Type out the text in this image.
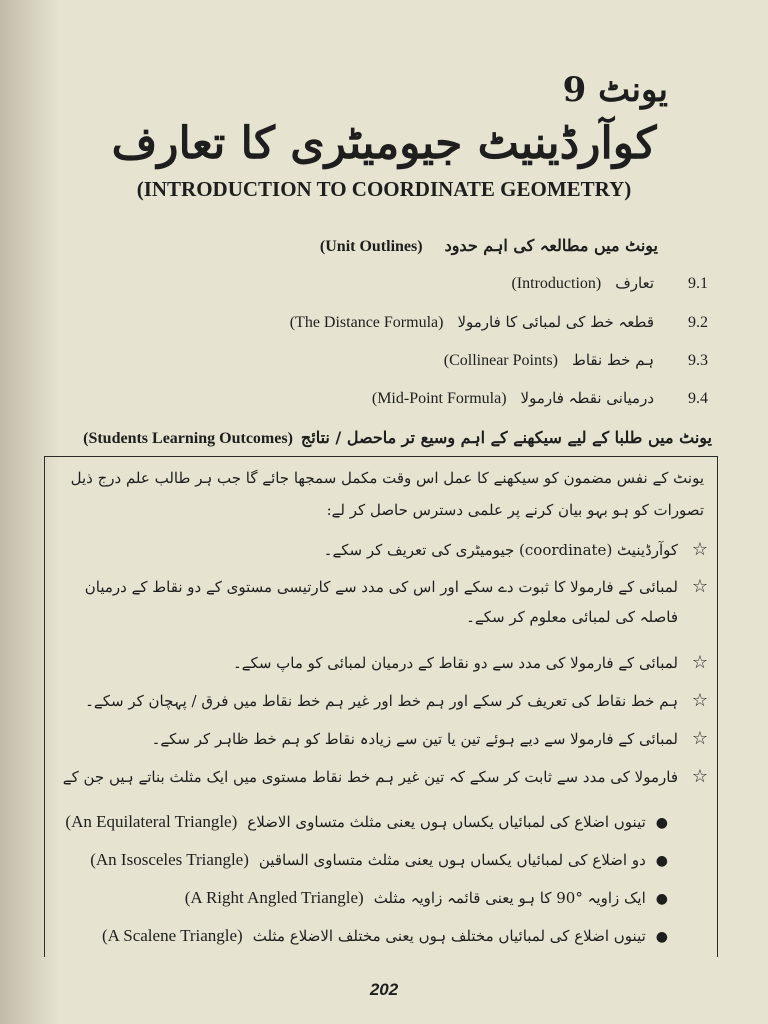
یونٹ 9
کوآرڈینیٹ جیومیٹری کا تعارف
(INTRODUCTION TO COORDINATE GEOMETRY)
یونٹ میں مطالعہ کی اہم حدود
(Unit Outlines)
9.1
تعارف
(Introduction)
9.2
قطعہ خط کی لمبائی کا فارمولا
(The Distance Formula)
9.3
ہم خط نقاط
(Collinear Points)
9.4
درمیانی نقطہ فارمولا
(Mid-Point Formula)
یونٹ میں طلبا کے لیے سیکھنے کے اہم وسیع تر ماحصل / نتائج
(Students Learning Outcomes)
یونٹ کے نفس مضمون کو سیکھنے کا عمل اس وقت مکمل سمجھا جائے گا جب ہر طالب علم درج ذیل تصورات کو ہو بہو بیان کرنے پر علمی دسترس حاصل کر لے:
☆
کوآرڈینیٹ (coordinate) جیومیٹری کی تعریف کر سکے۔
☆
لمبائی کے فارمولا کا ثبوت دے سکے اور اس کی مدد سے کارتیسی مستوی کے دو نقاط کے درمیان فاصلہ کی لمبائی معلوم کر سکے۔
☆
لمبائی کے فارمولا کی مدد سے دو نقاط کے درمیان لمبائی کو ماپ سکے۔
☆
ہم خط نقاط کی تعریف کر سکے اور ہم خط اور غیر ہم خط نقاط میں فرق / پہچان کر سکے۔
☆
لمبائی کے فارمولا سے دیے ہوئے تین یا تین سے زیادہ نقاط کو ہم خط ظاہر کر سکے۔
☆
فارمولا کی مدد سے ثابت کر سکے کہ تین غیر ہم خط نقاط مستوی میں ایک مثلث بناتے ہیں جن کے
●
تینوں اضلاع کی لمبائیاں یکساں ہوں یعنی مثلث متساوی الاضلاع
(An Equilateral Triangle)
●
دو اضلاع کی لمبائیاں یکساں ہوں یعنی مثلث متساوی الساقین
(An Isosceles Triangle)
●
ایک زاویہ °90 کا ہو یعنی قائمہ زاویہ مثلث
(A Right Angled Triangle)
●
تینوں اضلاع کی لمبائیاں مختلف ہوں یعنی مختلف الاضلاع مثلث
(A Scalene Triangle)
202
